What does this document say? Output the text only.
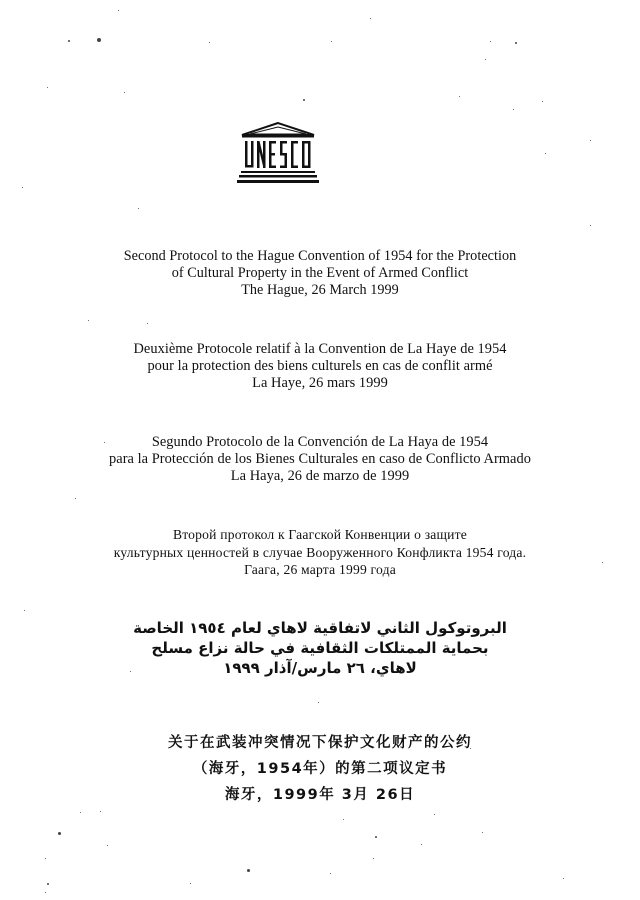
Second Protocol to the Hague Convention of 1954 for the Protection
of Cultural Property in the Event of Armed Conflict
The Hague, 26 March 1999
Deuxième Protocole relatif à la Convention de La Haye de 1954
pour la protection des biens culturels en cas de conflit armé
La Haye, 26 mars 1999
Segundo Protocolo de la Convención de La Haya de 1954
para la Protección de los Bienes Culturales en caso de Conflicto Armado
La Haya, 26 de marzo de 1999
Второй протокол к Гаагской Конвенции о защите
культурных ценностей в случае Вооруженного Конфликта 1954 года.
Гаага, 26 марта 1999 года
البروتوكول الثاني لاتفاقية لاهاي لعام ١٩٥٤ الخاصة
بحماية الممتلكات الثقافية في حالة نزاع مسلح
لاهاي، ٢٦ مارس/آذار ١٩٩٩
关于在武装冲突情况下保护文化财产的公约
（海牙，1954年）的第二项议定书
海牙，1999年 3月 26日
